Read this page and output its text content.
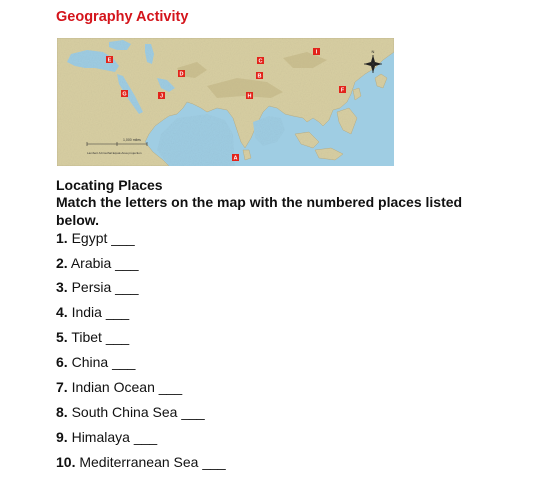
Geography Activity
N
1,000 miles
Lambert Azimuthal Equal-Area projection
E
D
C
B
I
G	J	H
F
A
Locating Places

Match the letters on the map with the numbered places listed below.

1. Egypt ___
2. Arabia ___
3. Persia ___
4. India ___
5. Tibet ___
6. China ___
7. Indian Ocean ___
8. South China Sea ___
9. Himalaya ___
10. Mediterranean Sea ___
